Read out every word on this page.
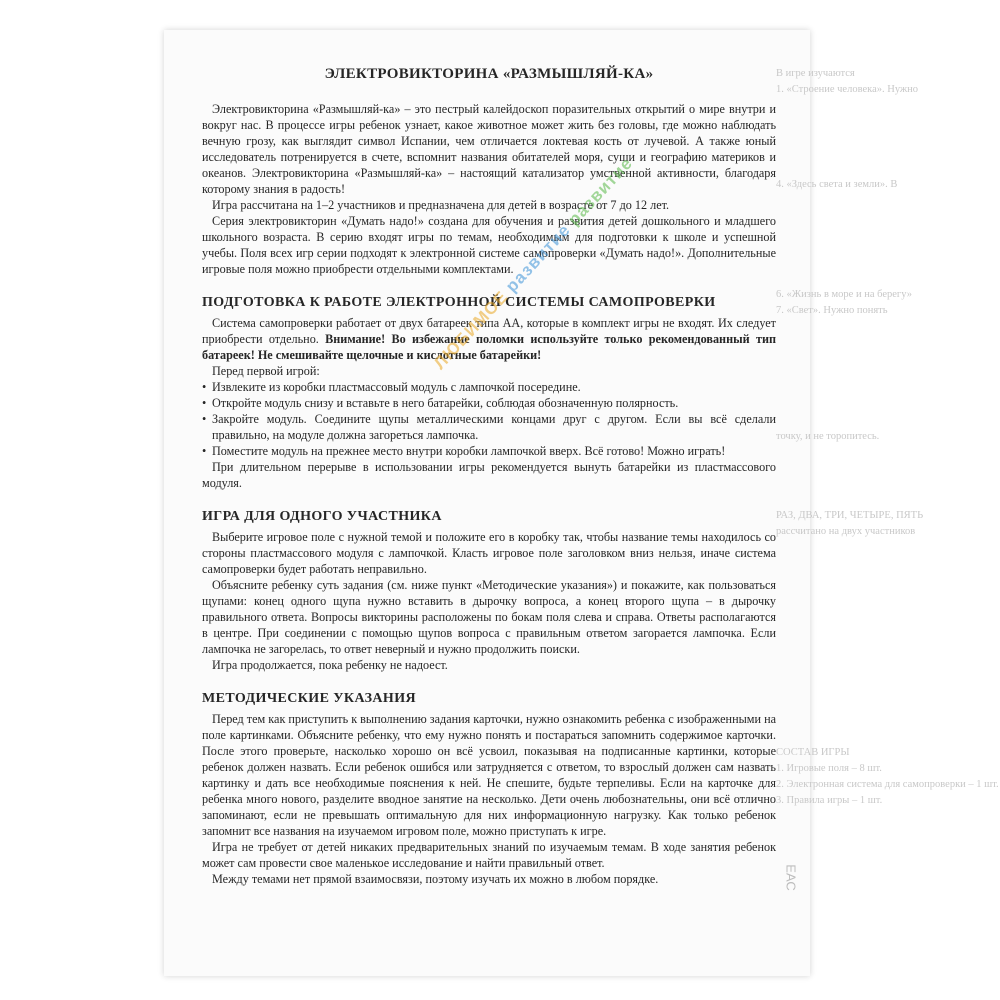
В игре изучаются
1. «Строение человека». Нужно

4. «Здесь света и земли». В

6. «Жизнь в море и на берегу»
7. «Свет». Нужно понять

точку, и не торопитесь.

РАЗ, ДВА, ТРИ, ЧЕТЫРЕ, ПЯТЬ
рассчитано на двух участников

СОСТАВ ИГРЫ
1. Игровые поля – 8 шт.
2. Электронная система для самопроверки – 1 шт.
3. Правила игры – 1 шт.
ЭЛЕКТРОВИКТОРИНА «РАЗМЫШЛЯЙ-КА»

Электровикторина «Размышляй-ка» – это пестрый калейдоскоп поразительных открытий о мире внутри и вокруг нас. В процессе игры ребенок узнает, какое животное может жить без головы, где можно наблюдать вечную грозу, как выглядит символ Испании, чем отличается локтевая кость от лучевой. А также юный исследователь потренируется в счете, вспомнит названия обитателей моря, суши и географию материков и океанов. Электровикторина «Размышляй-ка» – настоящий катализатор умственной активности, благодаря которому знания в радость!

Игра рассчитана на 1–2 участников и предназначена для детей в возрасте от 7 до 12 лет.

Серия электровикторин «Думать надо!» создана для обучения и развития детей дошкольного и младшего школьного возраста. В серию входят игры по темам, необходимым для подготовки к школе и успешной учебы. Поля всех игр серии подходят к электронной системе самопроверки «Думать надо!». Дополнительные игровые поля можно приобрести отдельными комплектами.

ПОДГОТОВКА К РАБОТЕ ЭЛЕКТРОННОЙ СИСТЕМЫ САМОПРОВЕРКИ

Система самопроверки работает от двух батареек типа АА, которые в комплект игры не входят. Их следует приобрести отдельно. Внимание! Во избежание поломки используйте только рекомендованный тип батареек! Не смешивайте щелочные и кислотные батарейки!

Перед первой игрой:

• Извлеките из коробки пластмассовый модуль с лампочкой посередине.
• Откройте модуль снизу и вставьте в него батарейки, соблюдая обозначенную полярность.
• Закройте модуль. Соедините щупы металлическими концами друг с другом. Если вы всё сделали правильно, на модуле должна загореться лампочка.
• Поместите модуль на прежнее место внутри коробки лампочкой вверх. Всё готово! Можно играть!

При длительном перерыве в использовании игры рекомендуется вынуть батарейки из пластмассового модуля.

ИГРА ДЛЯ ОДНОГО УЧАСТНИКА

Выберите игровое поле с нужной темой и положите его в коробку так, чтобы название темы находилось со стороны пластмассового модуля с лампочкой. Класть игровое поле заголовком вниз нельзя, иначе система самопроверки будет работать неправильно.

Объясните ребенку суть задания (см. ниже пункт «Методические указания») и покажите, как пользоваться щупами: конец одного щупа нужно вставить в дырочку вопроса, а конец второго щупа – в дырочку правильного ответа. Вопросы викторины расположены по бокам поля слева и справа. Ответы располагаются в центре. При соединении с помощью щупов вопроса с правильным ответом загорается лампочка. Если лампочка не загорелась, то ответ неверный и нужно продолжить поиски.

Игра продолжается, пока ребенку не надоест.

МЕТОДИЧЕСКИЕ УКАЗАНИЯ

Перед тем как приступить к выполнению задания карточки, нужно ознакомить ребенка с изображенными на поле картинками. Объясните ребенку, что ему нужно понять и постараться запомнить содержимое карточки. После этого проверьте, насколько хорошо он всё усвоил, показывая на подписанные картинки, которые ребенок должен назвать. Если ребенок ошибся или затрудняется с ответом, то взрослый должен сам назвать картинку и дать все необходимые пояснения к ней. Не спешите, будьте терпеливы. Если на карточке для ребенка много нового, разделите вводное занятие на несколько. Дети очень любознательны, они всё отлично запоминают, если не превышать оптимальную для них информационную нагрузку. Как только ребенок запомнит все названия на изучаемом игровом поле, можно приступать к игре.

Игра не требует от детей никаких предварительных знаний по изучаемым темам. В ходе занятия ребенок может сам провести свое маленькое исследование и найти правильный ответ.

Между темами нет прямой взаимосвязи, поэтому изучать их можно в любом порядке.	ЕАС
ЛЮБИМОЕ развитие развитие
